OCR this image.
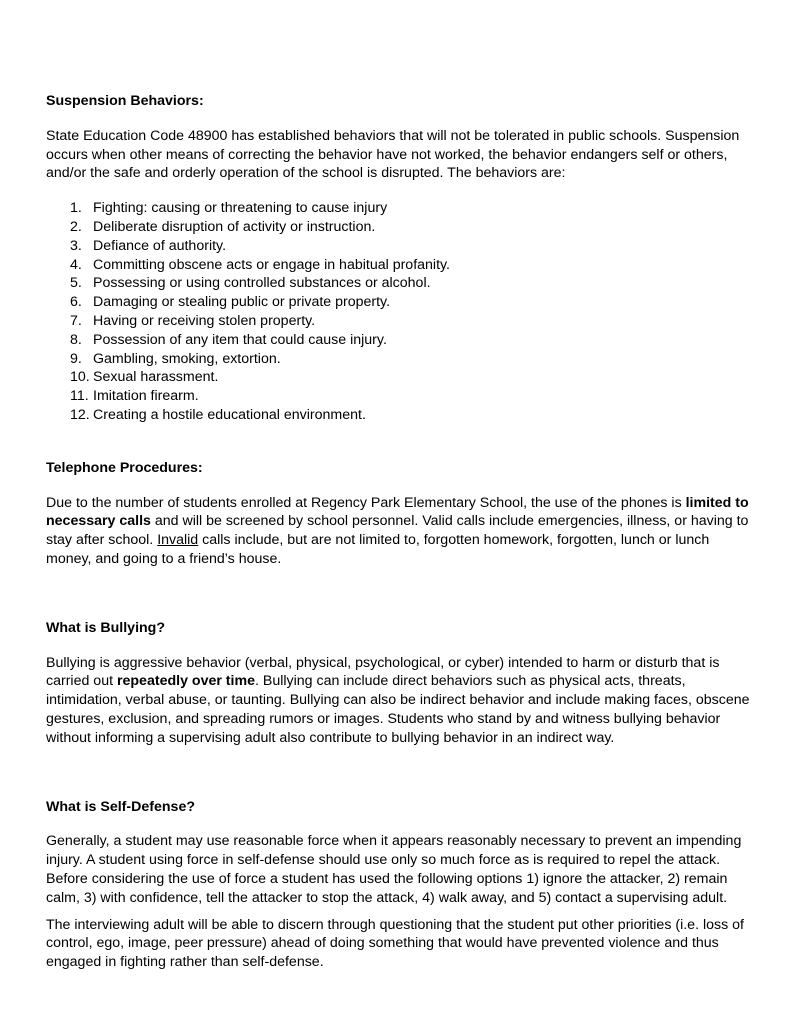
Suspension Behaviors:

State Education Code 48900 has established behaviors that will not be tolerated in public schools. Suspension occurs when other means of correcting the behavior have not worked, the behavior endangers self or others, and/or the safe and orderly operation of the school is disrupted. The behaviors are:

1. Fighting: causing or threatening to cause injury
2. Deliberate disruption of activity or instruction.
3. Defiance of authority.
4. Committing obscene acts or engage in habitual profanity.
5. Possessing or using controlled substances or alcohol.
6. Damaging or stealing public or private property.
7. Having or receiving stolen property.
8. Possession of any item that could cause injury.
9. Gambling, smoking, extortion.
10. Sexual harassment.
11. Imitation firearm.
12. Creating a hostile educational environment.

Telephone Procedures:

Due to the number of students enrolled at Regency Park Elementary School, the use of the phones is limited to necessary calls and will be screened by school personnel. Valid calls include emergencies, illness, or having to stay after school. Invalid calls include, but are not limited to, forgotten homework, forgotten, lunch or lunch money, and going to a friend’s house.

What is Bullying?

Bullying is aggressive behavior (verbal, physical, psychological, or cyber) intended to harm or disturb that is carried out repeatedly over time. Bullying can include direct behaviors such as physical acts, threats, intimidation, verbal abuse, or taunting. Bullying can also be indirect behavior and include making faces, obscene gestures, exclusion, and spreading rumors or images. Students who stand by and witness bullying behavior without informing a supervising adult also contribute to bullying behavior in an indirect way.

What is Self-Defense?

Generally, a student may use reasonable force when it appears reasonably necessary to prevent an impending injury. A student using force in self-defense should use only so much force as is required to repel the attack. Before considering the use of force a student has used the following options 1) ignore the attacker, 2) remain calm, 3) with confidence, tell the attacker to stop the attack, 4) walk away, and 5) contact a supervising adult.

The interviewing adult will be able to discern through questioning that the student put other priorities (i.e. loss of control, ego, image, peer pressure) ahead of doing something that would have prevented violence and thus engaged in fighting rather than self-defense.
